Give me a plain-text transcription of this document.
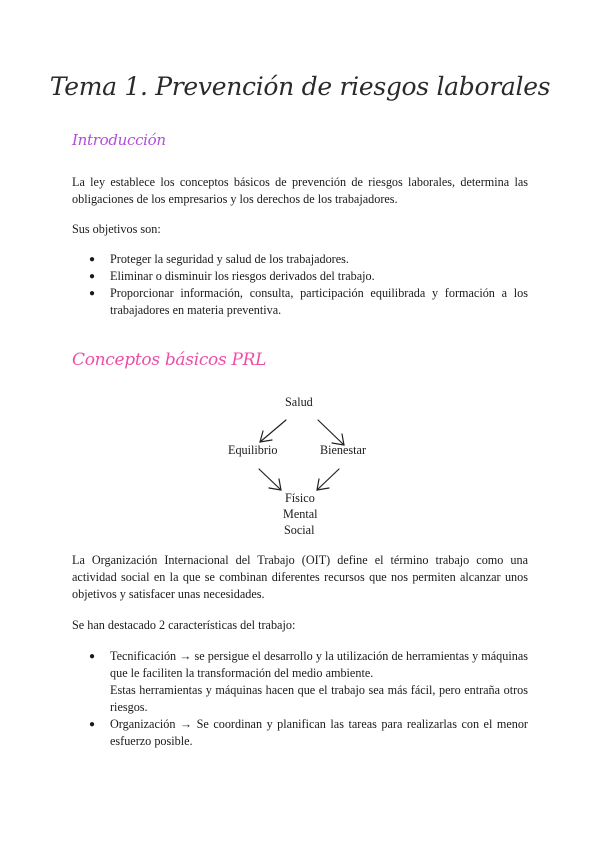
Tema 1. Prevención de riesgos laborales
Introducción

La ley establece los conceptos básicos de prevención de riesgos laborales, determina las obligaciones de los empresarios y los derechos de los trabajadores.

Sus objetivos son:

● Proteger la seguridad y salud de los trabajadores.
● Eliminar o disminuir los riesgos derivados del trabajo.
● Proporcionar información, consulta, participación equilibrada y formación a los trabajadores en materia preventiva.
Conceptos básicos PRL
Salud
Equilibrio	Bienestar
Físico
Mental
Social

La Organización Internacional del Trabajo (OIT) define el término trabajo como una actividad social en la que se combinan diferentes recursos que nos permiten alcanzar unos objetivos y satisfacer unas necesidades.

Se han destacado 2 características del trabajo:

● Tecnificación → se persigue el desarrollo y la utilización de herramientas y máquinas que le faciliten la transformación del medio ambiente.
Estas herramientas y máquinas hacen que el trabajo sea más fácil, pero entraña otros riesgos.
● Organización → Se coordinan y planifican las tareas para realizarlas con el menor esfuerzo posible.
